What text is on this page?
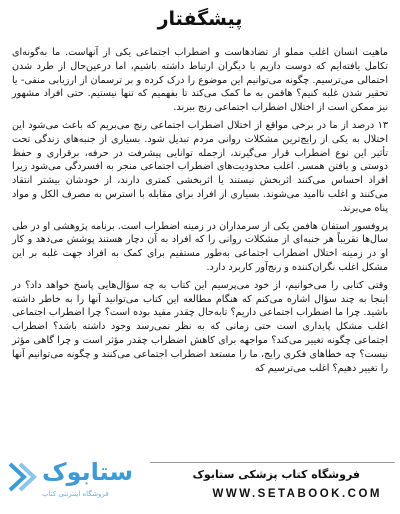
پیشگفتار

ماهیت انسان اغلب مملو از تضادهاست و اضطراب اجتماعی یکی از آنهاست. ما به‌گونه‌ای تکامل یافته‌ایم که دوست داریم با دیگران ارتباط داشته باشیم، اما درعین‌حال از طرد شدن احتمالی می‌ترسیم. چگونه می‌توانیم این موضوع را درک کرده و بر ترسمان از ارزیابی منفی- یا تحقیر شدن غلبه کنیم؟ هاقمن به ما کمک می‌کند تا بفهمیم که تنها نیستیم. حتی افراد مشهور نیز ممکن است از اختلال اضطراب اجتماعی رنج ببرند.

۱۳ درصد از ما در برخی مواقع از اختلال اضطراب اجتماعی رنج می‌بریم که باعث می‌شود این اختلال به یکی از رایج‌ترین مشکلات روانی مردم تبدیل شود. بسیاری از جنبه‌های زندگی تحت تأثیر این نوع اضطراب قرار می‌گیرند، ازجمله توانایی پیشرفت در حرفه، برقراری و حفظ دوستی و یافتن همسر. اغلب محدودیت‌های اضطراب اجتماعی منجر به افسردگی می‌شود زیرا افراد احساس می‌کنند اثربخش نیستند یا اثربخشی کمتری دارند، از خودشان بیشتر انتقاد می‌کنند و اغلب ناامید می‌شوند. بسیاری از افراد برای مقابله با استرس به مصرف الکل و مواد پناه می‌برند.

پروفسور استفان هافمن یکی از سرمداران در زمینه اضطراب است. برنامه پژوهشی او در طی سال‌ها تقریباً هر جنبه‌ای از مشکلات روانی را که افراد به آن دچار هستند پوشش می‌دهد و کار او در زمینه اختلال اضطراب اجتماعی به‌طور مستقیم برای کمک به افراد جهت غلبه بر این مشکل اغلب نگران‌کننده و رنج‌آور کاربرد دارد.

وقتی کتابی را می‌خوانیم، از خود می‌پرسیم این کتاب به چه سؤال‌هایی پاسخ خواهد داد؟ در اینجا به چند سؤال اشاره می‌کنم که هنگام مطالعه این کتاب می‌توانید آنها را به خاطر داشته باشید. چرا ما اضطراب اجتماعی داریم؟ تابه‌حال چقدر مفید بوده است؟ چرا اضطراب اجتماعی اغلب مشکل پایداری است حتی زمانی که به نظر نمی‌رسد وجود داشته باشد؟ اضطراب اجتماعی چگونه تغییر می‌کند؟ مواجهه برای کاهش اضطراب چقدر مؤثر است و چرا گاهی مؤثر نیست؟ چه خطاهای فکری رایج، ما را مستعد اضطراب اجتماعی می‌کنند و چگونه می‌توانیم آنها را تغییر دهیم؟ اغلب می‌ترسیم که

ستابوک
فروشگاه اینترنتی کتاب
فروشگاه کتاب پزشکی ستابوک
WWW.SETABOOK.COM
